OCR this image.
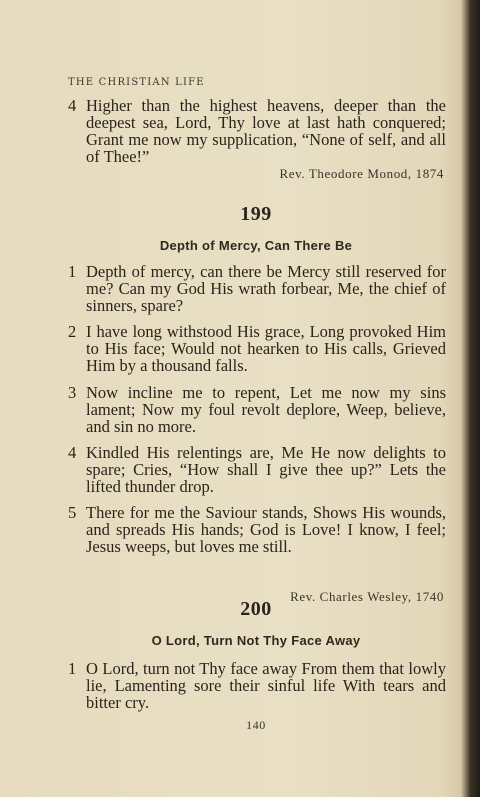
THE CHRISTIAN LIFE
4 Higher than the highest heavens, deeper than the deepest sea, Lord, Thy love at last hath conquered; Grant me now my supplication, “None of self, and all of Thee!”
Rev. Theodore Monod, 1874
199
Depth of Mercy, Can There Be
1 Depth of mercy, can there be Mercy still reserved for me? Can my God His wrath forbear, Me, the chief of sinners, spare?
2 I have long withstood His grace, Long provoked Him to His face; Would not hearken to His calls, Grieved Him by a thousand falls.
3 Now incline me to repent, Let me now my sins lament; Now my foul revolt deplore, Weep, believe, and sin no more.
4 Kindled His relentings are, Me He now delights to spare; Cries, “How shall I give thee up?” Lets the lifted thunder drop.
5 There for me the Saviour stands, Shows His wounds, and spreads His hands; God is Love! I know, I feel; Jesus weeps, but loves me still.
Rev. Charles Wesley, 1740
200
O Lord, Turn Not Thy Face Away
1 O Lord, turn not Thy face away From them that lowly lie, Lamenting sore their sinful life With tears and bitter cry.
140
